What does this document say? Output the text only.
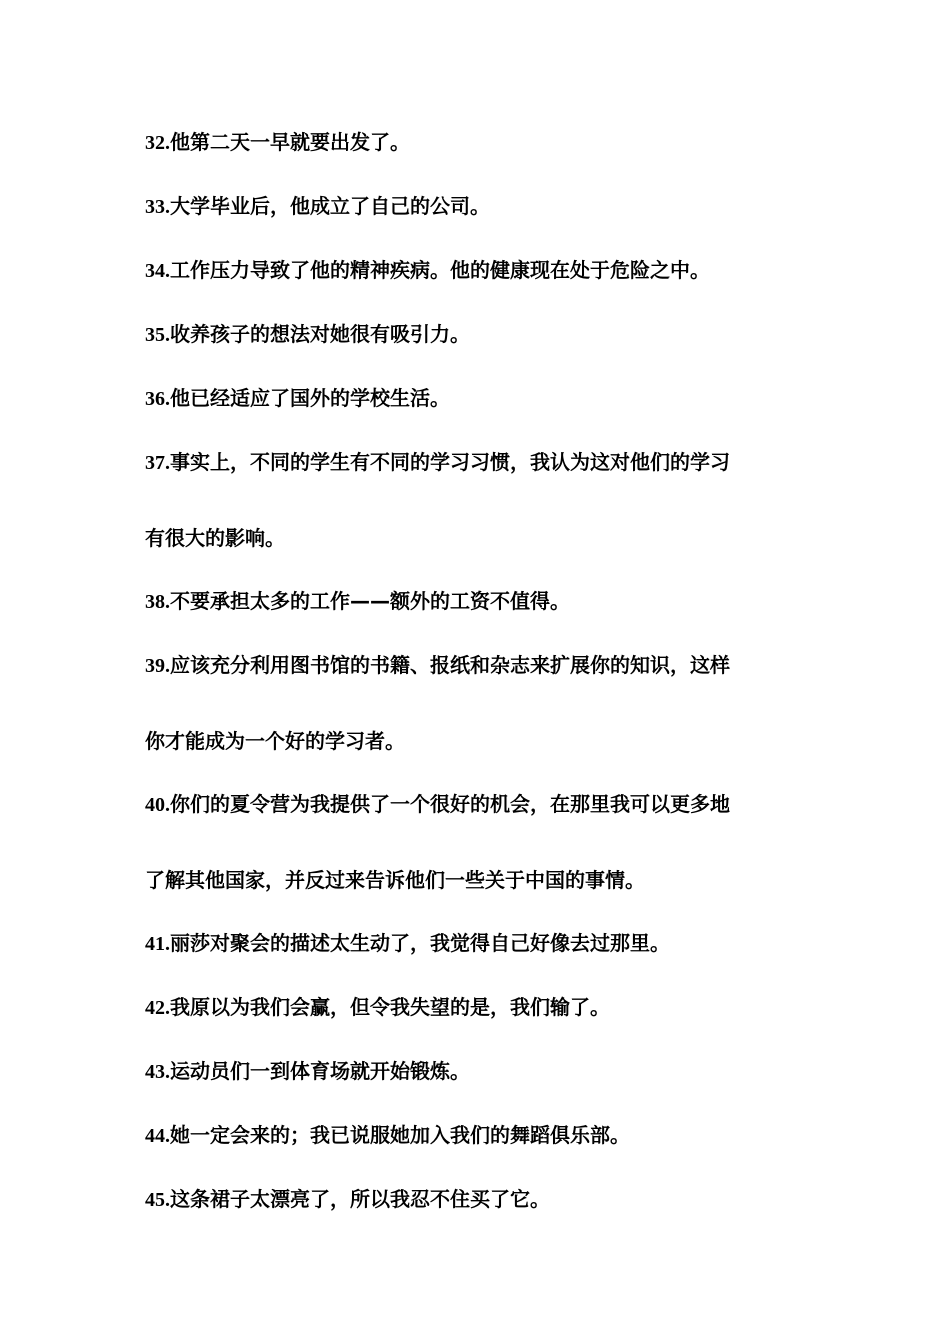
32.他第二天一早就要出发了。
33.大学毕业后，他成立了自己的公司。
34.工作压力导致了他的精神疾病。他的健康现在处于危险之中。
35.收养孩子的想法对她很有吸引力。
36.他已经适应了国外的学校生活。
37.事实上，不同的学生有不同的学习习惯，我认为这对他们的学习
有很大的影响。
38.不要承担太多的工作——额外的工资不值得。
39.应该充分利用图书馆的书籍、报纸和杂志来扩展你的知识，这样
你才能成为一个好的学习者。
40.你们的夏令营为我提供了一个很好的机会，在那里我可以更多地
了解其他国家，并反过来告诉他们一些关于中国的事情。
41.丽莎对聚会的描述太生动了，我觉得自己好像去过那里。
42.我原以为我们会赢，但令我失望的是，我们输了。
43.运动员们一到体育场就开始锻炼。
44.她一定会来的；我已说服她加入我们的舞蹈俱乐部。
45.这条裙子太漂亮了，所以我忍不住买了它。
